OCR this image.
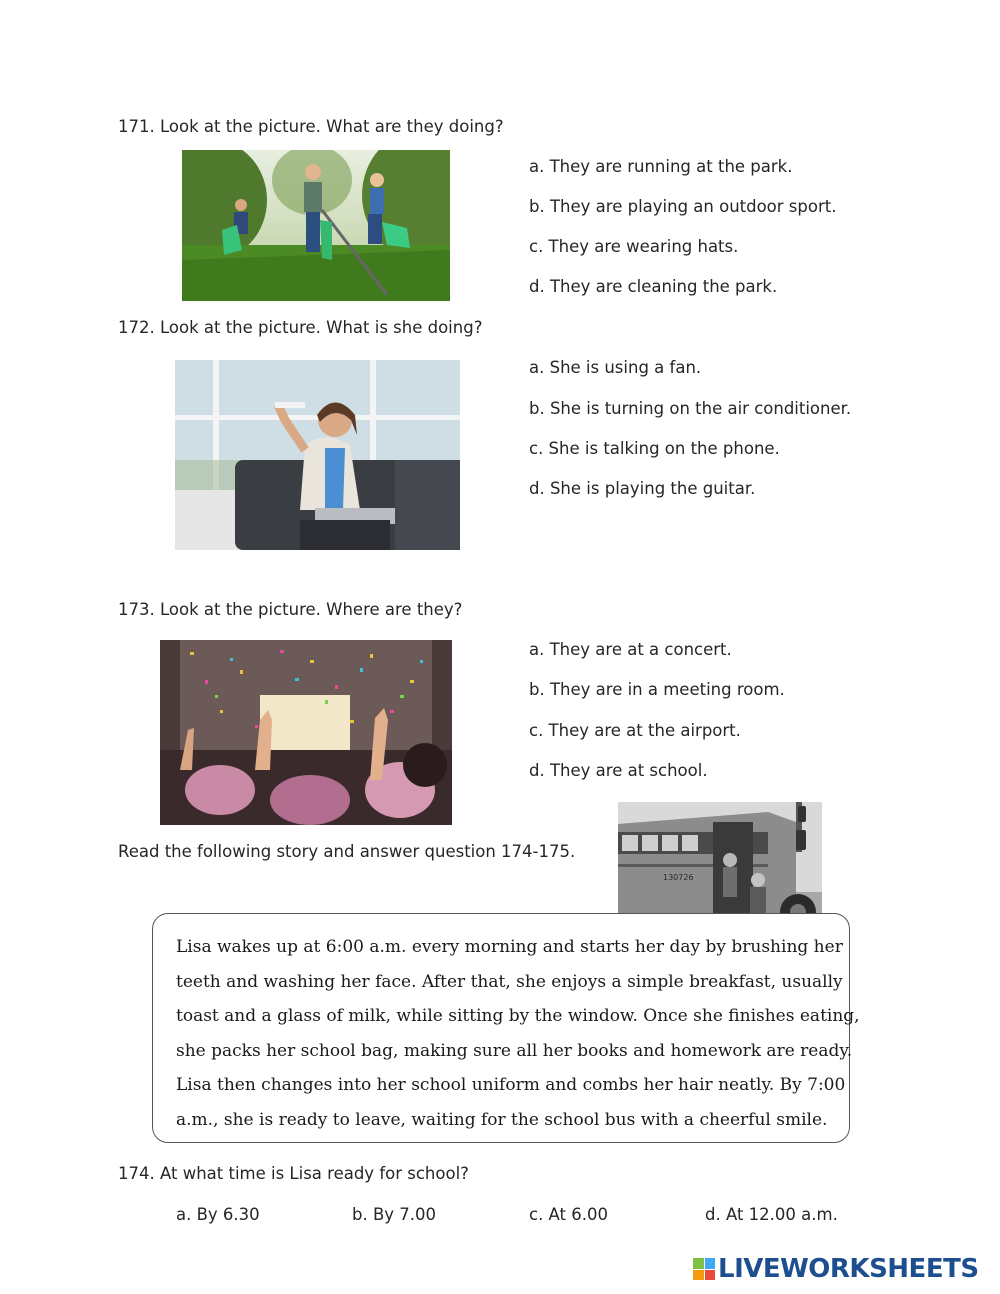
171. Look at the picture. What are they doing?
a. They are running at the park.
b. They are playing an outdoor sport.
c. They are wearing hats.
d. They are cleaning the park.
172. Look at the picture. What is she doing?
a. She is using a fan.
b. She is turning on the air conditioner.
c. She is talking on the phone.
d. She is playing the guitar.
173. Look at the picture. Where are they?
a. They are at a concert.
b. They are in a meeting room.
c. They are at the airport.
d. They are at school.
Read the following story and answer question 174-175.
130726
Lisa wakes up at 6:00 a.m. every morning and starts her day by brushing her
teeth and washing her face. After that, she enjoys a simple breakfast, usually
toast and a glass of milk, while sitting by the window. Once she finishes eating,
she packs her school bag, making sure all her books and homework are ready.
Lisa then changes into her school uniform and combs her hair neatly. By 7:00
a.m., she is ready to leave, waiting for the school bus with a cheerful smile.
174. At what time is Lisa ready for school?
a. By 6.30	b. By 7.00	c. At 6.00	d. At 12.00 a.m.
LIVEWORKSHEETS
